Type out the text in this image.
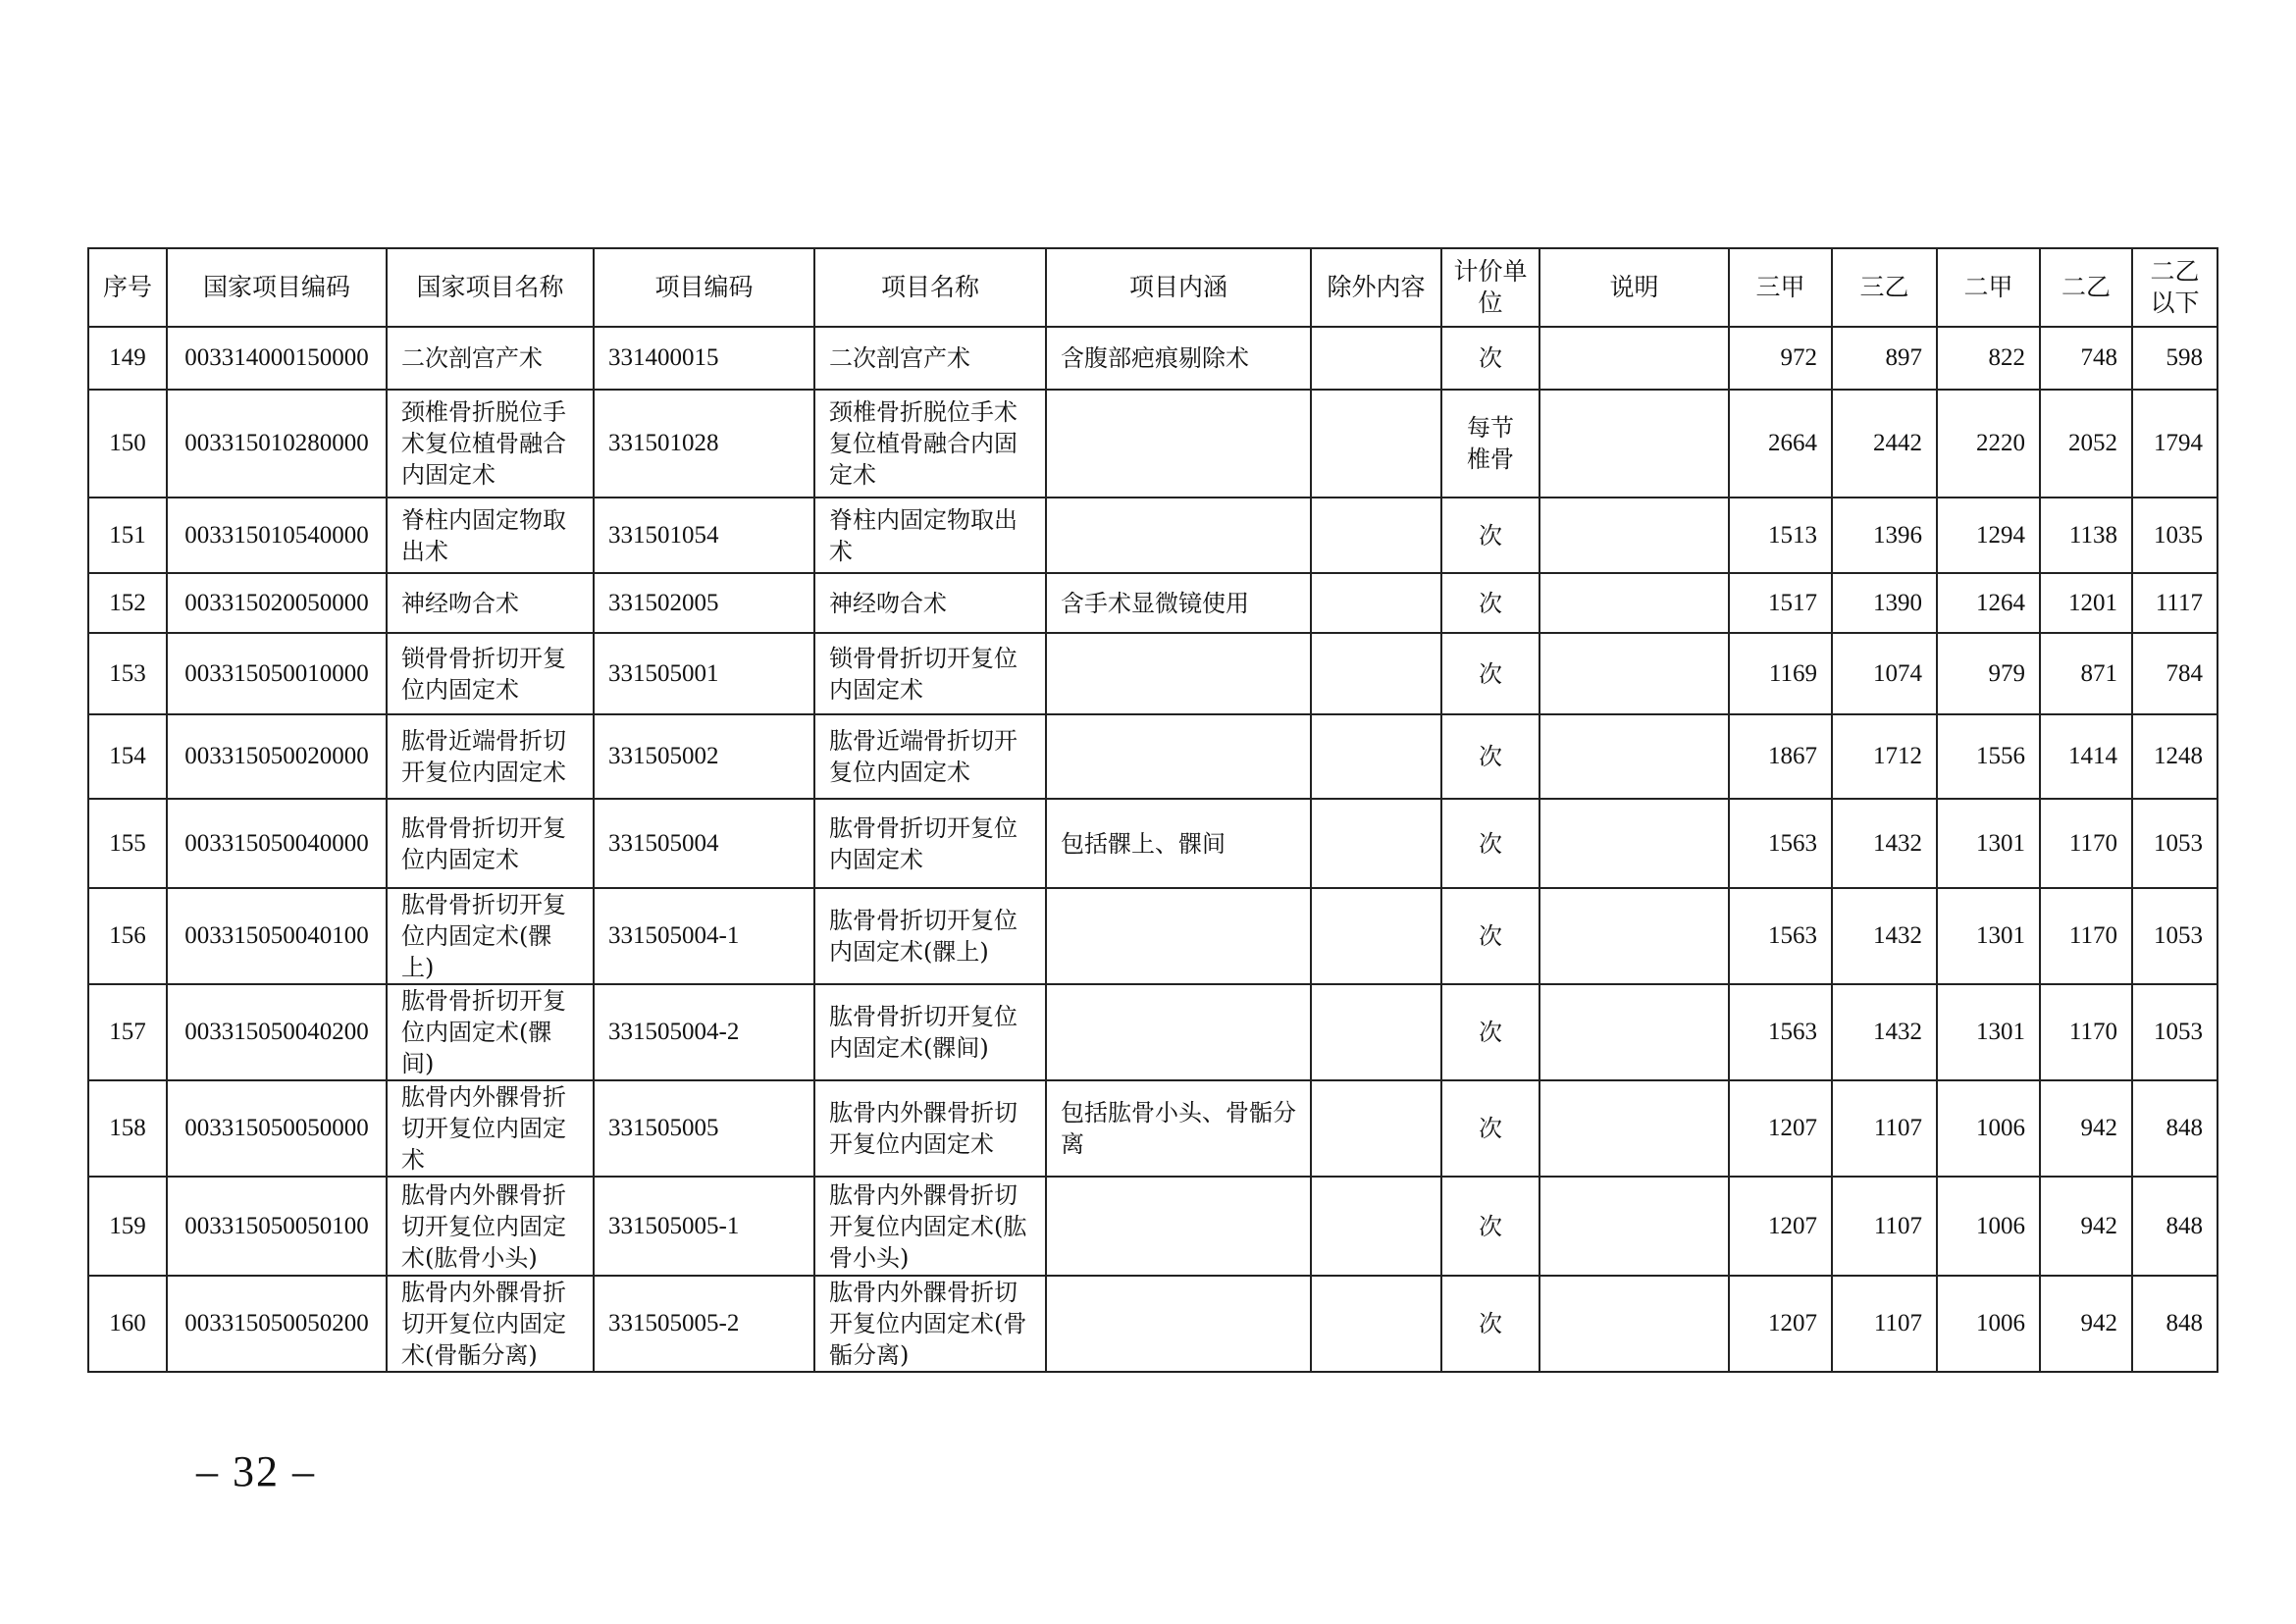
序号	国家项目编码	国家项目名称	项目编码	项目名称	项目内涵	除外内容	计价单位	说明	三甲	三乙	二甲	二乙	二乙以下
149	003314000150000	二次剖宫产术	331400015	二次剖宫产术	含腹部疤痕剔除术		次		972	897	822	748	598
150	003315010280000	颈椎骨折脱位手术复位植骨融合内固定术	331501028	颈椎骨折脱位手术复位植骨融合内固定术			每节椎骨		2664	2442	2220	2052	1794
151	003315010540000	脊柱内固定物取出术	331501054	脊柱内固定物取出术			次		1513	1396	1294	1138	1035
152	003315020050000	神经吻合术	331502005	神经吻合术	含手术显微镜使用		次		1517	1390	1264	1201	1117
153	003315050010000	锁骨骨折切开复位内固定术	331505001	锁骨骨折切开复位内固定术			次		1169	1074	979	871	784
154	003315050020000	肱骨近端骨折切开复位内固定术	331505002	肱骨近端骨折切开复位内固定术			次		1867	1712	1556	1414	1248
155	003315050040000	肱骨骨折切开复位内固定术	331505004	肱骨骨折切开复位内固定术	包括髁上、髁间		次		1563	1432	1301	1170	1053
156	003315050040100	肱骨骨折切开复位内固定术(髁上)	331505004-1	肱骨骨折切开复位内固定术(髁上)			次		1563	1432	1301	1170	1053
157	003315050040200	肱骨骨折切开复位内固定术(髁间)	331505004-2	肱骨骨折切开复位内固定术(髁间)			次		1563	1432	1301	1170	1053
158	003315050050000	肱骨内外髁骨折切开复位内固定术	331505005	肱骨内外髁骨折切开复位内固定术	包括肱骨小头、骨骺分离		次		1207	1107	1006	942	848
159	003315050050100	肱骨内外髁骨折切开复位内固定术(肱骨小头)	331505005-1	肱骨内外髁骨折切开复位内固定术(肱骨小头)			次		1207	1107	1006	942	848
160	003315050050200	肱骨内外髁骨折切开复位内固定术(骨骺分离)	331505005-2	肱骨内外髁骨折切开复位内固定术(骨骺分离)			次		1207	1107	1006	942	848
– 32 –
